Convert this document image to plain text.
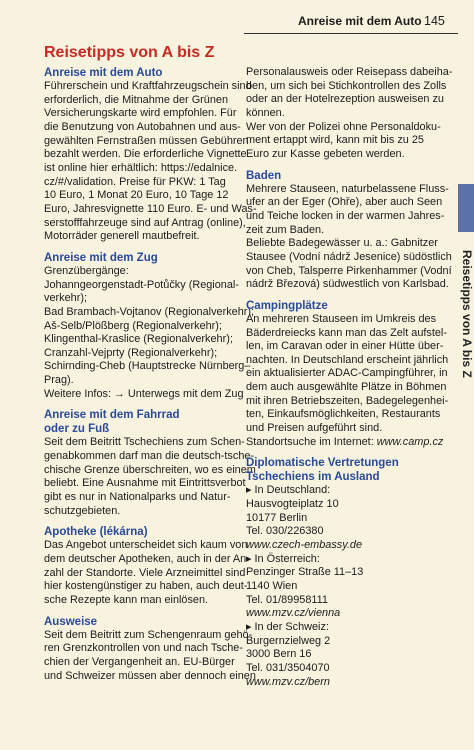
Anreise mit dem Auto 145
Reisetipps von A bis Z
Reisetipps von A bis Z
Anreise mit dem Auto

Führerschein und Kraftfahrzeugschein sind

erforderlich, die Mitnahme der Grünen

Versicherungskarte wird empfohlen. Für

die Benutzung von Autobahnen und aus-

gewählten Fernstraßen müssen Gebühren

bezahlt werden. Die erforderliche Vignette

ist online hier erhältlich: https://edalnice.

cz/#/validation. Preise für PKW: 1 Tag

10 Euro, 1 Monat 20 Euro, 10 Tage 12

Euro, Jahresvignette 110 Euro. E- und Was-

serstofffahrzeuge sind auf Antrag (online),

Motorräder generell mautbefreit.

Anreise mit dem Zug

Grenzübergänge:

Johanngeorgenstadt-Potůčky (Regional-

verkehr);

Bad Brambach-Vojtanov (Regionalverkehr);

Aš-Selb/Plößberg (Regionalverkehr);

Klingenthal-Kraslice (Regionalverkehr);

Cranzahl-Vejprty (Regionalverkehr);

Schirnding-Cheb (Hauptstrecke Nürnberg–

Prag).

Weitere Infos: → Unterwegs mit dem Zug

Anreise mit dem Fahrrad
oder zu Fuß

Seit dem Beitritt Tschechiens zum Schen-

genabkommen darf man die deutsch-tsche-

chische Grenze überschreiten, wo es einem

beliebt. Eine Ausnahme mit Eintrittsverbot

gibt es nur in Nationalparks und Natur-

schutzgebieten.

Apotheke (lékárna)

Das Angebot unterscheidet sich kaum von

dem deutscher Apotheken, auch in der An-

zahl der Standorte. Viele Arzneimittel sind

hier kostengünstiger zu haben, auch deut-

sche Rezepte kann man einlösen.

Ausweise

Seit dem Beitritt zum Schengenraum gehö-

ren Grenzkontrollen von und nach Tsche-

chien der Vergangenheit an. EU-Bürger

und Schweizer müssen aber dennoch einen

Personalausweis oder Reisepass dabeiha-

ben, um sich bei Stichkontrollen des Zolls

oder an der Hotelrezeption ausweisen zu

können.

Wer von der Polizei ohne Personaldoku-

ment ertappt wird, kann mit bis zu 25

Euro zur Kasse gebeten werden.

Baden

Mehrere Stauseen, naturbelassene Fluss-

ufer an der Eger (Ohře), aber auch Seen

und Teiche locken in der warmen Jahres-

zeit zum Baden.

Beliebte Badegewässer u. a.: Gabnitzer

Stausee (Vodní nádrž Jesenice) südöstlich

von Cheb, Talsperre Pirkenhammer (Vodní

nádrž Březová) südwestlich von Karlsbad.

Campingplätze

An mehreren Stauseen im Umkreis des

Bäderdreiecks kann man das Zelt aufstel-

len, im Caravan oder in einer Hütte über-

nachten. In Deutschland erscheint jährlich

ein aktualisierter ADAC-Campingführer, in

dem auch ausgewählte Plätze in Böhmen

mit ihren Betriebszeiten, Badegelegenhei-

ten, Einkaufsmöglichkeiten, Restaurants

und Preisen aufgeführt sind.

Standortsuche im Internet: www.camp.cz

Diplomatische Vertretungen
Tschechiens im Ausland

▸ In Deutschland:

Hausvogteiplatz 10

10177 Berlin

Tel. 030/226380

www.czech-embassy.de

▸ In Österreich:

Penzinger Straße 11–13

1140 Wien

Tel. 01/89958111

www.mzv.cz/vienna

▸ In der Schweiz:

Burgernzielweg 2

3000 Bern 16

Tel. 031/3504070

www.mzv.cz/bern
